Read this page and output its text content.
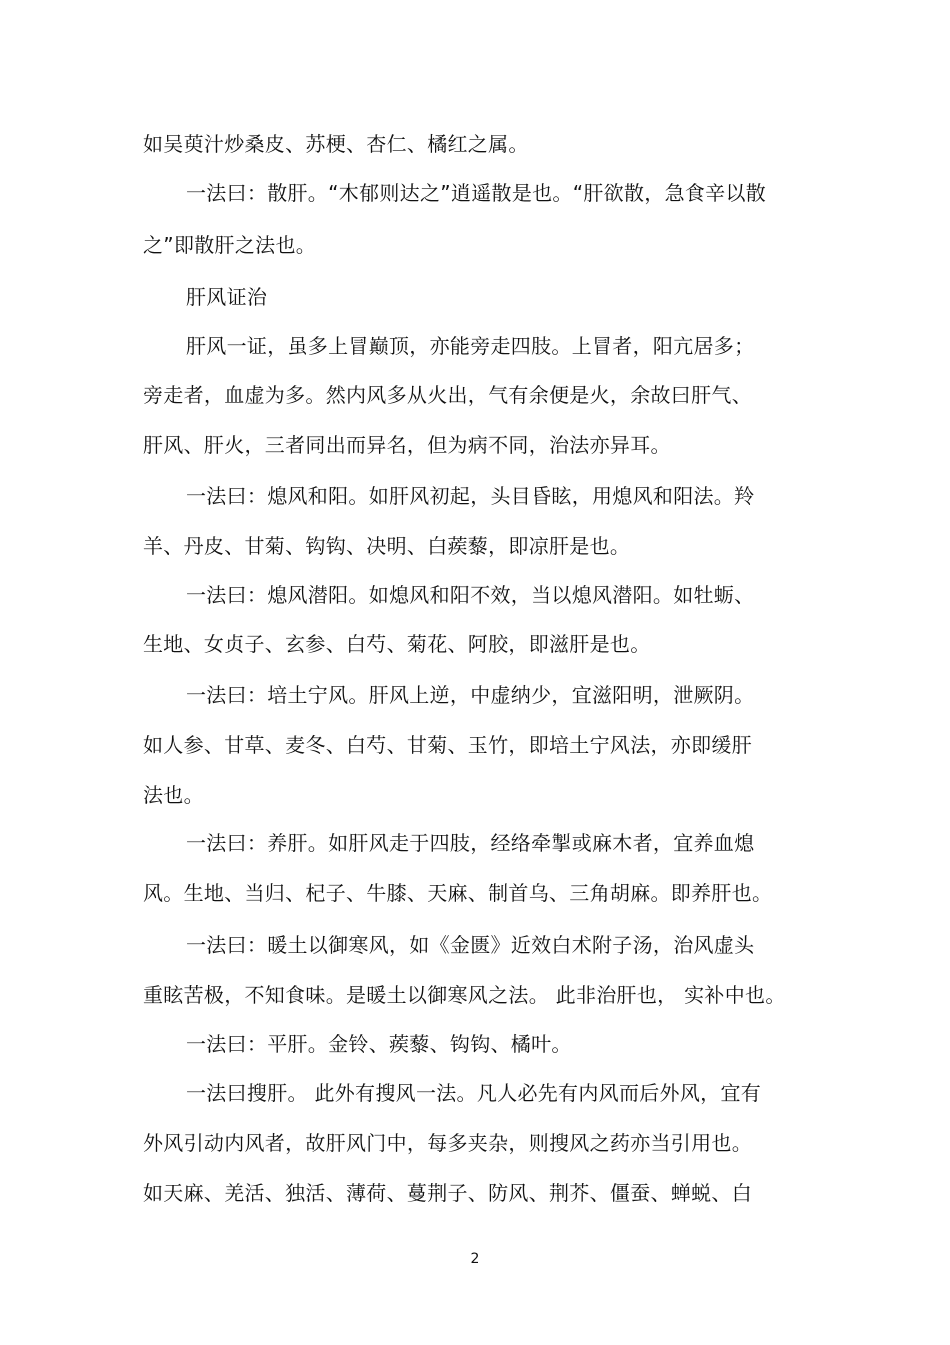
如吴萸汁炒桑皮、苏梗、杏仁、橘红之属。
一法曰：散肝。“木郁则达之”逍遥散是也。“肝欲散，急食辛以散
之”即散肝之法也。
肝风证治
肝风一证，虽多上冒巅顶，亦能旁走四肢。上冒者，阳亢居多；
旁走者，血虚为多。然内风多从火出，气有余便是火，余故曰肝气、
肝风、肝火，三者同出而异名，但为病不同，治法亦异耳。
一法曰：熄风和阳。如肝风初起，头目昏眩，用熄风和阳法。羚
羊、丹皮、甘菊、钩钩、决明、白蒺藜，即凉肝是也。
一法曰：熄风潜阳。如熄风和阳不效，当以熄风潜阳。如牡蛎、
生地、女贞子、玄参、白芍、菊花、阿胶，即滋肝是也。
一法曰：培土宁风。肝风上逆，中虚纳少，宜滋阳明，泄厥阴。
如人参、甘草、麦冬、白芍、甘菊、玉竹，即培土宁风法，亦即缓肝
法也。
一法曰：养肝。如肝风走于四肢，经络牵掣或麻木者，宜养血熄
风。生地、当归、杞子、牛膝、天麻、制首乌、三角胡麻。即养肝也。
一法曰：暖土以御寒风，如《金匮》近效白术附子汤，治风虚头
重眩苦极，不知食味。是暖土以御寒风之法。 此非治肝也， 实补中也。
一法曰：平肝。金铃、蒺藜、钩钩、橘叶。
一法曰搜肝。 此外有搜风一法。凡人必先有内风而后外风，宜有
外风引动内风者，故肝风门中，每多夹杂，则搜风之药亦当引用也。
如天麻、羌活、独活、薄荷、蔓荆子、防风、荆芥、僵蚕、蝉蜕、白
2
